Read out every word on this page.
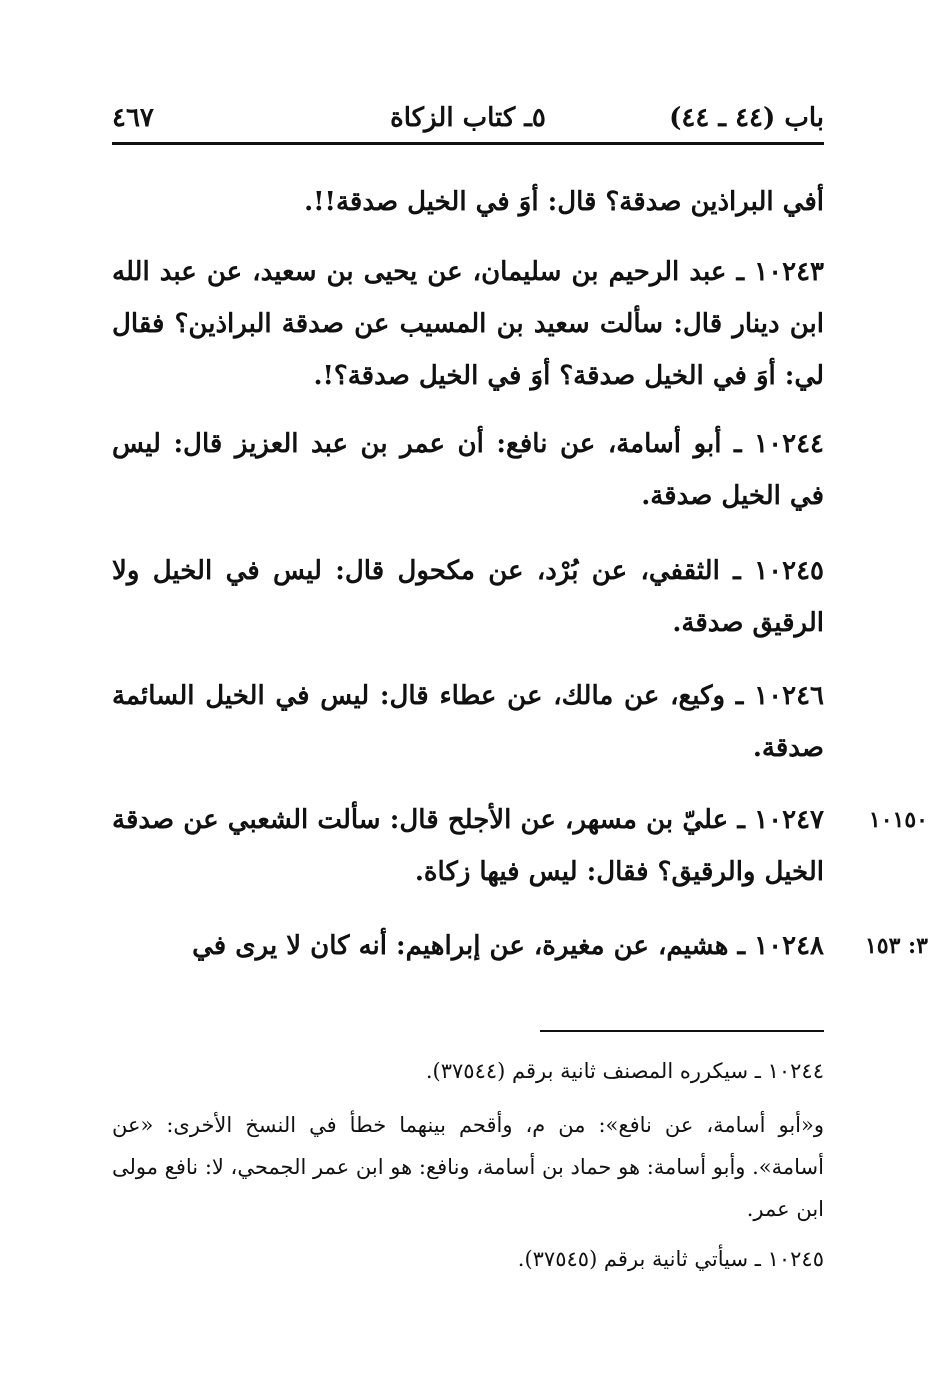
باب (٤٤ ـ ٤٤)
٥ـ كتاب الزكاة
٤٦٧
أفي البراذين صدقة؟ قال: أوَ في الخيل صدقة!!.
١٠٢٤٣ ـ عبد الرحيم بن سليمان، عن يحيى بن سعيد، عن عبد الله ابن دينار قال: سألت سعيد بن المسيب عن صدقة البراذين؟ فقال لي: أوَ في الخيل صدقة؟ أوَ في الخيل صدقة؟!.
١٠٢٤٤ ـ أبو أسامة، عن نافع: أن عمر بن عبد العزيز قال: ليس في الخيل صدقة.
١٠٢٤٥ ـ الثقفي، عن بُرْد، عن مكحول قال: ليس في الخيل ولا الرقيق صدقة.
١٠٢٤٦ ـ وكيع، عن مالك، عن عطاء قال: ليس في الخيل السائمة صدقة.
١٠١٥٠
١٠٢٤٧ ـ عليّ بن مسهر، عن الأجلح قال: سألت الشعبي عن صدقة الخيل والرقيق؟ فقال: ليس فيها زكاة.
٣: ١٥٣
١٠٢٤٨ ـ هشيم، عن مغيرة، عن إبراهيم: أنه كان لا يرى في
١٠٢٤٤ ـ سيكرره المصنف ثانية برقم (٣٧٥٤٤).
و«أبو أسامة، عن نافع»: من م، وأقحم بينهما خطأ في النسخ الأخرى: «عن أسامة». وأبو أسامة: هو حماد بن أسامة، ونافع: هو ابن عمر الجمحي، لا: نافع مولى ابن عمر.
١٠٢٤٥ ـ سيأتي ثانية برقم (٣٧٥٤٥).
